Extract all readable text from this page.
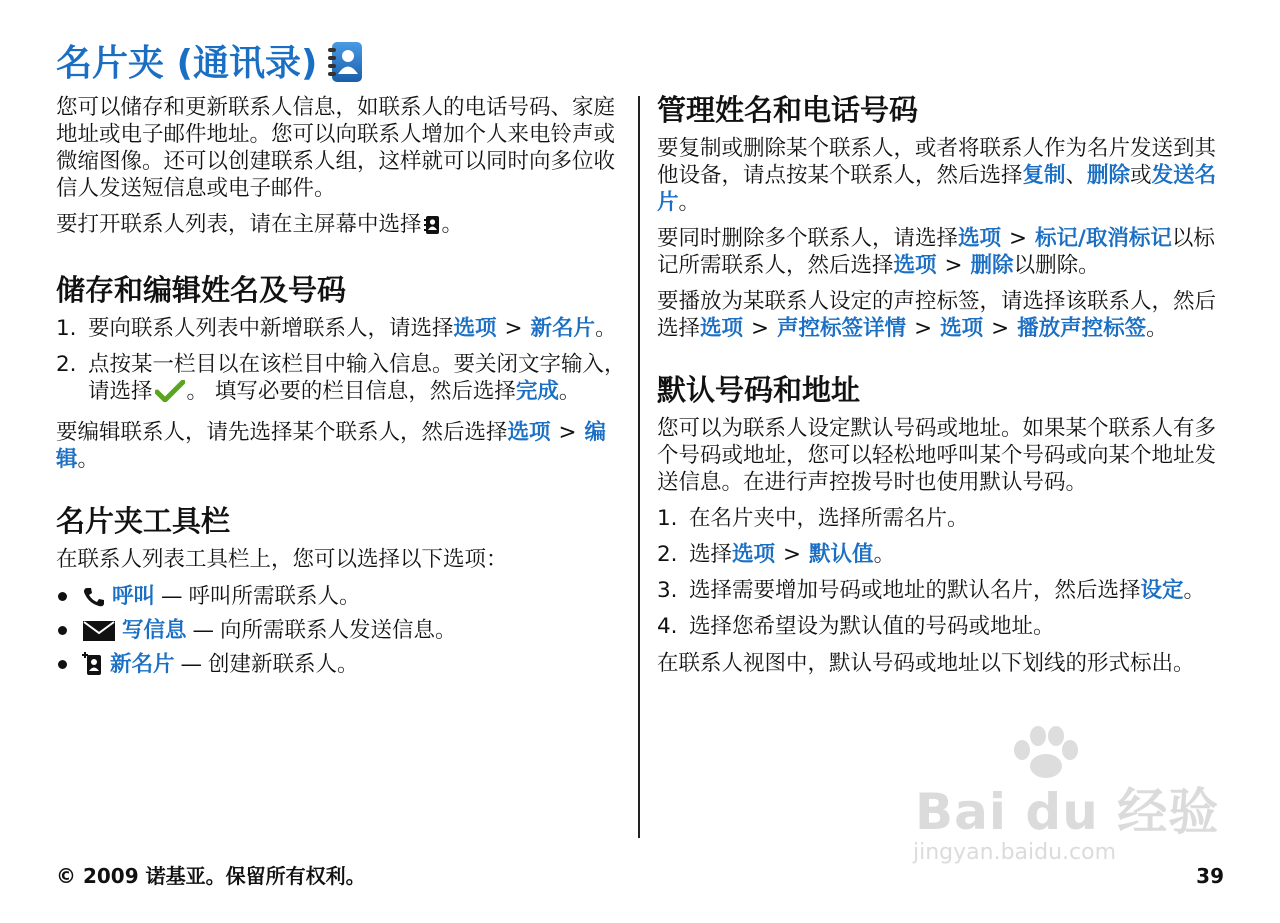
名片夹 (通讯录)

您可以储存和更新联系人信息，如联系人的电话号码、家庭地址或电子邮件地址。您可以向联系人增加个人来电铃声或微缩图像。还可以创建联系人组，这样就可以同时向多位收信人发送短信息或电子邮件。

要打开联系人列表，请在主屏幕中选择 。

储存和编辑姓名及号码
1. 要向联系人列表中新增联系人，请选择选项 > 新名片。
2. 点按某一栏目以在该栏目中输入信息。要关闭文字输入，请选择 。 填写必要的栏目信息，然后选择完成。

要编辑联系人，请先选择某个联系人，然后选择选项 > 编辑。

名片夹工具栏

在联系人列表工具栏上，您可以选择以下选项：

呼叫 — 呼叫所需联系人。
写信息 — 向所需联系人发送信息。
新名片 — 创建新联系人。
管理姓名和电话号码

要复制或删除某个联系人，或者将联系人作为名片发送到其他设备，请点按某个联系人，然后选择复制、删除或发送名片。

要同时删除多个联系人，请选择选项 > 标记/取消标记以标记所需联系人，然后选择选项 > 删除以删除。

要播放为某联系人设定的声控标签，请选择该联系人，然后选择选项 > 声控标签详情 > 选项 > 播放声控标签。

默认号码和地址

您可以为联系人设定默认号码或地址。如果某个联系人有多个号码或地址，您可以轻松地呼叫某个号码或向某个地址发送信息。在进行声控拨号时也使用默认号码。

1. 在名片夹中，选择所需名片。
2. 选择选项 > 默认值。
3. 选择需要增加号码或地址的默认名片，然后选择设定。
4. 选择您希望设为默认值的号码或地址。

在联系人视图中，默认号码或地址以下划线的形式标出。

Bai du 经验
jingyan.baidu.com
© 2009 诺基亚。保留所有权利。	39
